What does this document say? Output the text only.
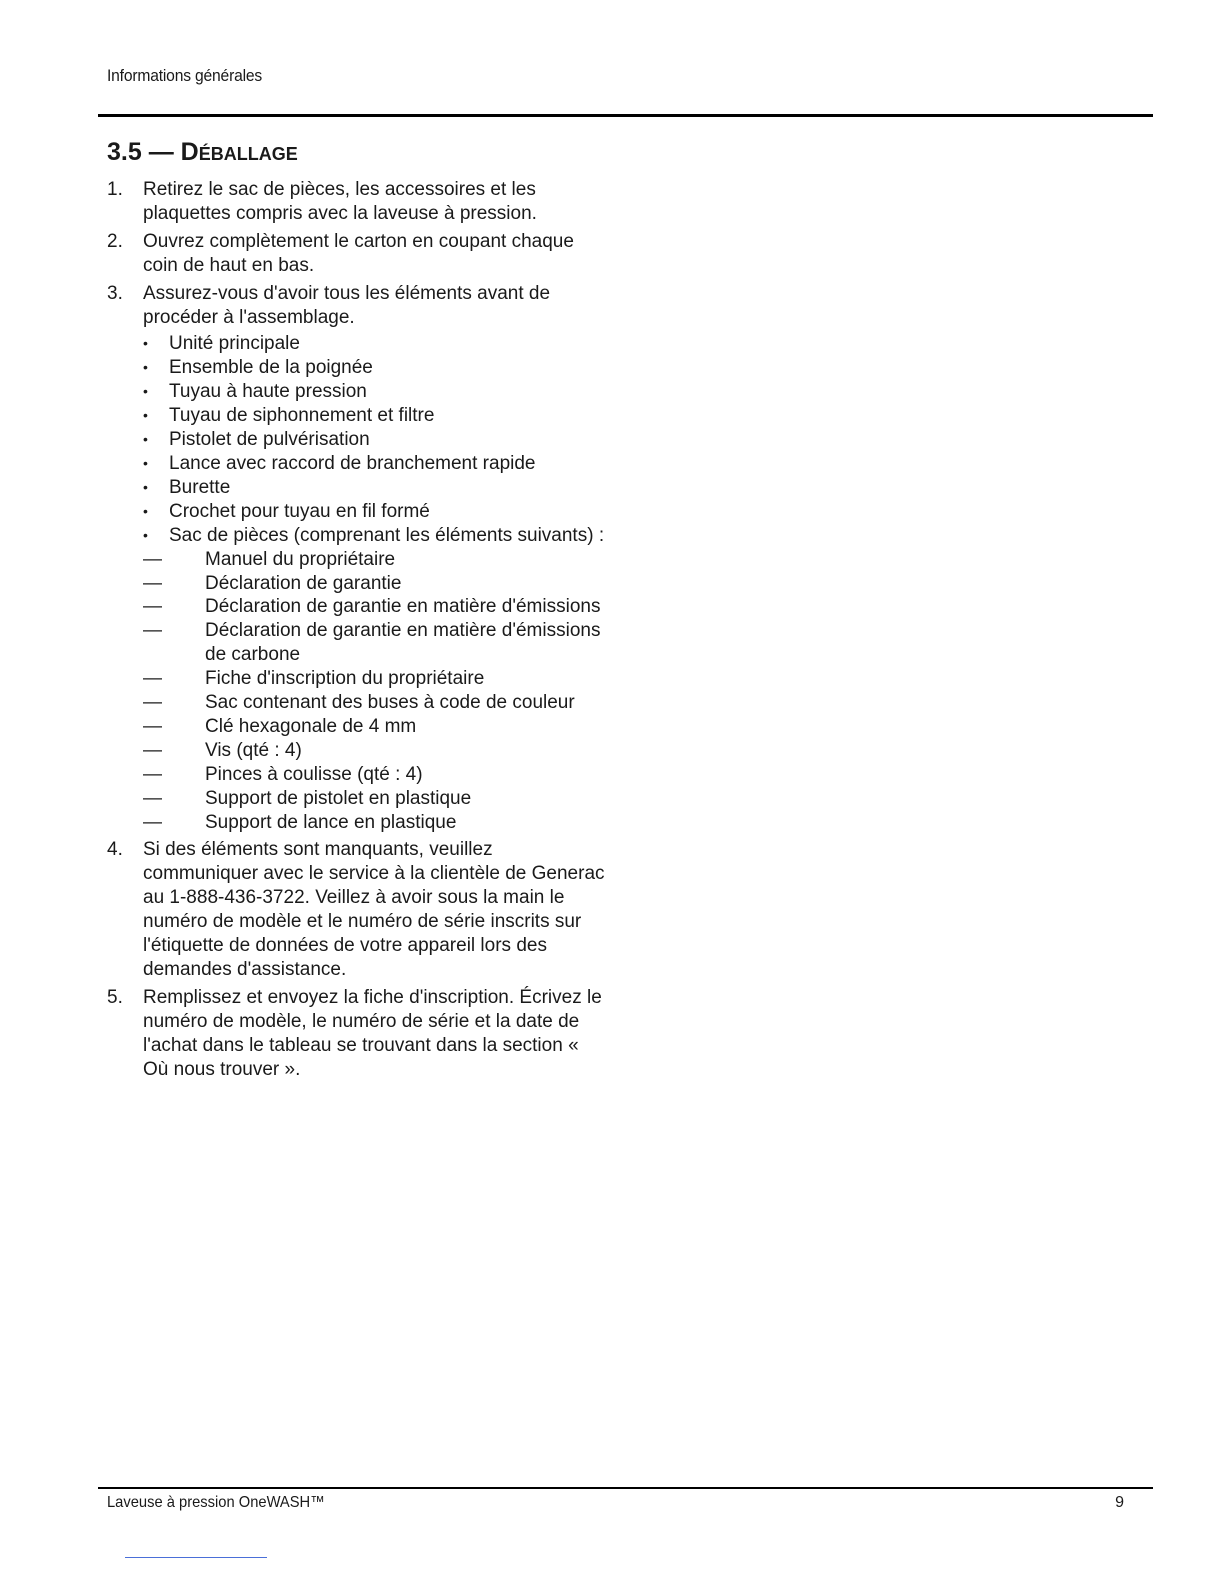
Informations générales
3.5 — Déballage
1. Retirez le sac de pièces, les accessoires et les plaquettes compris avec la laveuse à pression.
2. Ouvrez complètement le carton en coupant chaque coin de haut en bas.
3. Assurez-vous d'avoir tous les éléments avant de procéder à l'assemblage.
• Unité principale
• Ensemble de la poignée
• Tuyau à haute pression
• Tuyau de siphonnement et filtre
• Pistolet de pulvérisation
• Lance avec raccord de branchement rapide
• Burette
• Crochet pour tuyau en fil formé
• Sac de pièces (comprenant les éléments suivants) :
— Manuel du propriétaire
— Déclaration de garantie
— Déclaration de garantie en matière d'émissions
— Déclaration de garantie en matière d'émissions de carbone
— Fiche d'inscription du propriétaire
— Sac contenant des buses à code de couleur
— Clé hexagonale de 4 mm
— Vis (qté : 4)
— Pinces à coulisse (qté : 4)
— Support de pistolet en plastique
— Support de lance en plastique
4. Si des éléments sont manquants, veuillez communiquer avec le service à la clientèle de Generac au 1-888-436-3722. Veillez à avoir sous la main le numéro de modèle et le numéro de série inscrits sur l'étiquette de données de votre appareil lors des demandes d'assistance.
5. Remplissez et envoyez la fiche d'inscription. Écrivez le numéro de modèle, le numéro de série et la date de l'achat dans le tableau se trouvant dans la section « Où nous trouver ».
Laveuse à pression OneWASH™	9
